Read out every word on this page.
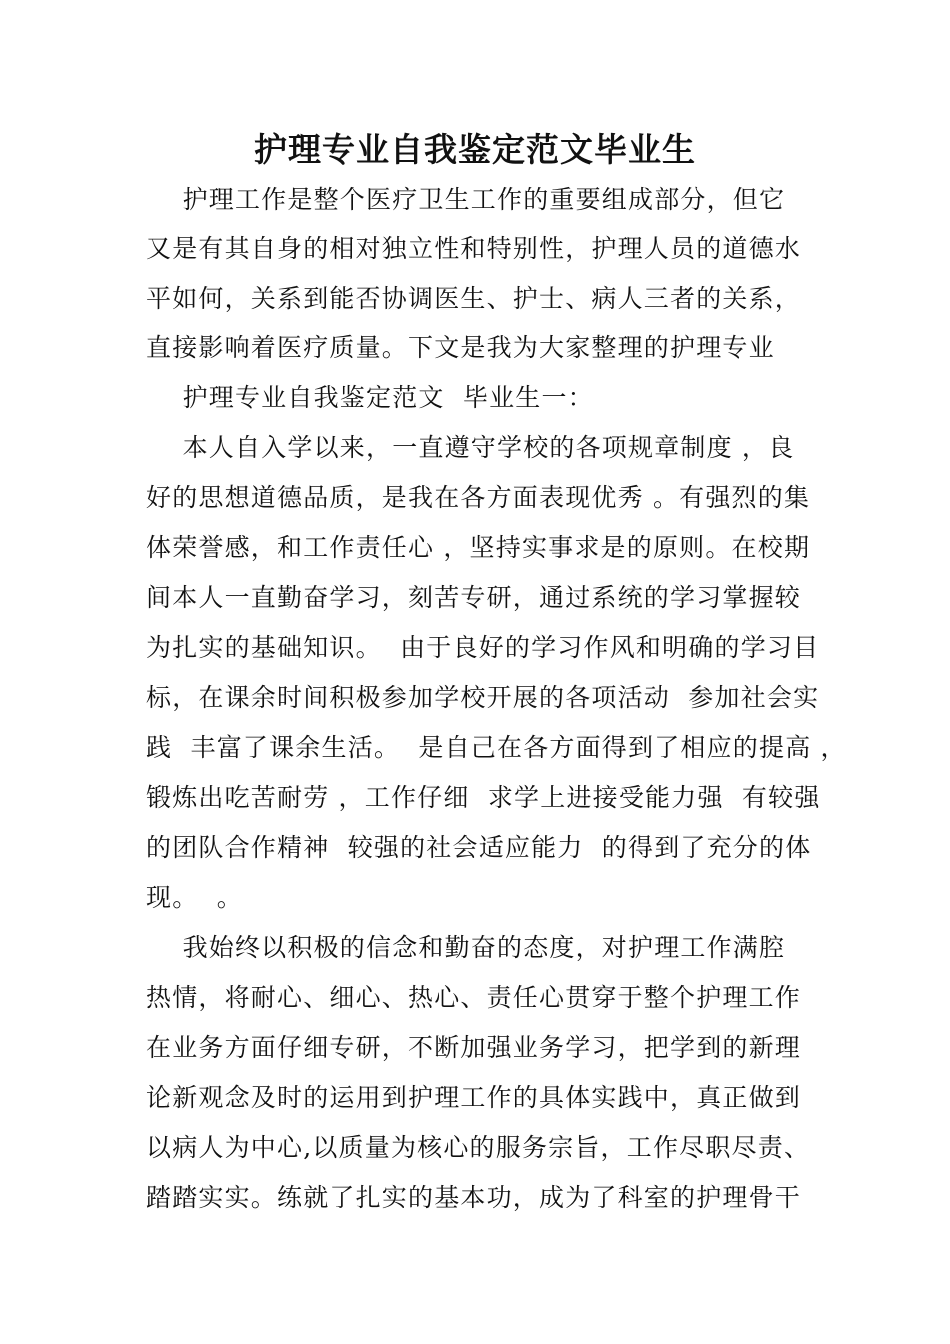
护理专业自我鉴定范文毕业生
护理工作是整个医疗卫生工作的重要组成部分，但它
又是有其自身的相对独立性和特别性，护理人员的道德水
平如何，关系到能否协调医生、护士、病人三者的关系，
直接影响着医疗质量。下文是我为大家整理的护理专业
护理专业自我鉴定范文  毕业生一：
本人自入学以来，一直遵守学校的各项规章制度 ，良
好的思想道德品质，是我在各方面表现优秀 。有强烈的集
体荣誉感，和工作责任心 ，坚持实事求是的原则。在校期
间本人一直勤奋学习，刻苦专研，通过系统的学习掌握较
为扎实的基础知识。  由于良好的学习作风和明确的学习目
标，在课余时间积极参加学校开展的各项活动  参加社会实
践  丰富了课余生活。  是自己在各方面得到了相应的提高 ，
锻炼出吃苦耐劳 ，工作仔细  求学上进接受能力强  有较强
的团队合作精神  较强的社会适应能力  的得到了充分的体
现。  。
我始终以积极的信念和勤奋的态度，对护理工作满腔
热情，将耐心、细心、热心、责任心贯穿于整个护理工作
在业务方面仔细专研，不断加强业务学习，把学到的新理
论新观念及时的运用到护理工作的具体实践中，真正做到
以病人为中心,以质量为核心的服务宗旨，工作尽职尽责、
踏踏实实。练就了扎实的基本功，成为了科室的护理骨干
